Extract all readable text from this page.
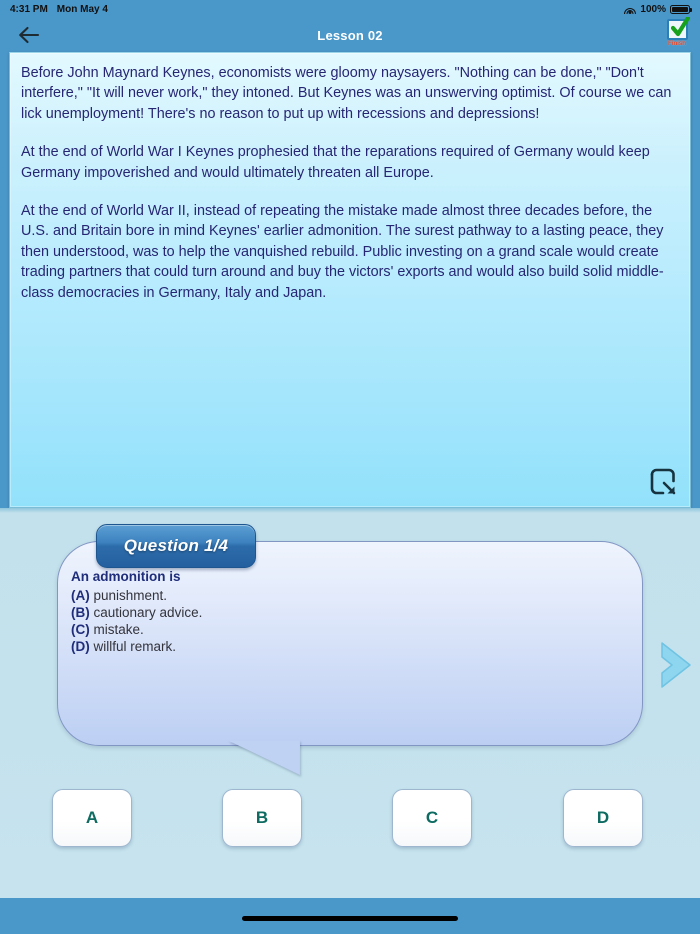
4:31 PM Mon May 4	100%
Lesson 02
Finish

Before John Maynard Keynes, economists were gloomy naysayers. "Nothing can be done," "Don't interfere," "It will never work," they intoned. But Keynes was an unswerving optimist. Of course we can lick unemployment! There's no reason to put up with recessions and depressions!

At the end of World War I Keynes prophesied that the reparations required of Germany would keep Germany impoverished and would ultimately threaten all Europe.

At the end of World War II, instead of repeating the mistake made almost three decades before, the U.S. and Britain bore in mind Keynes' earlier admonition. The surest pathway to a lasting peace, they then understood, was to help the vanquished rebuild. Public investing on a grand scale would create trading partners that could turn around and buy the victors' exports and would also build solid middle-class democracies in Germany, Italy and Japan.

Question 1/4
An admonition is
(A) punishment.
(B) cautionary advice.
(C) mistake.
(D) willful remark.
A	B	C	D
